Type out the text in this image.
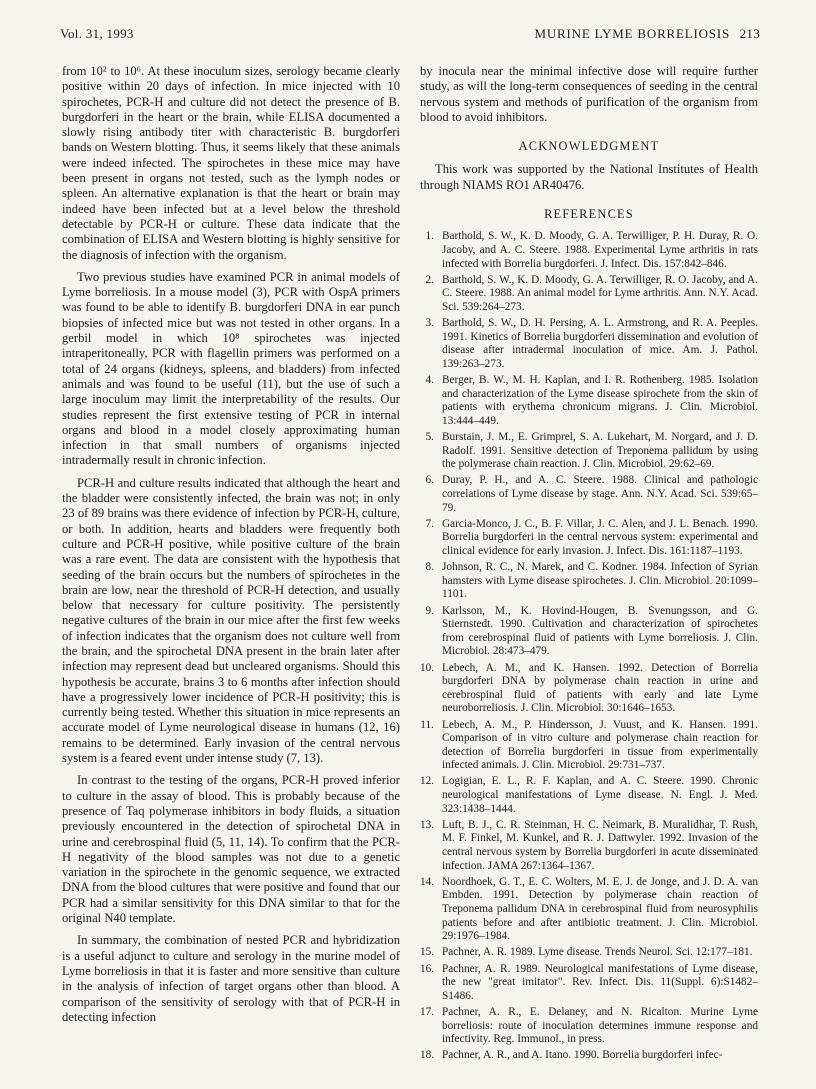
Vol. 31, 1993	MURINE LYME BORRELIOSIS 213

from 10² to 10⁶. At these inoculum sizes, serology became clearly positive within 20 days of infection. In mice injected with 10 spirochetes, PCR-H and culture did not detect the presence of B. burgdorferi in the heart or the brain, while ELISA documented a slowly rising antibody titer with characteristic B. burgdorferi bands on Western blotting. Thus, it seems likely that these animals were indeed infected. The spirochetes in these mice may have been present in organs not tested, such as the lymph nodes or spleen. An alternative explanation is that the heart or brain may indeed have been infected but at a level below the threshold detectable by PCR-H or culture. These data indicate that the combination of ELISA and Western blotting is highly sensitive for the diagnosis of infection with the organism.

Two previous studies have examined PCR in animal models of Lyme borreliosis. In a mouse model (3), PCR with OspA primers was found to be able to identify B. burgdorferi DNA in ear punch biopsies of infected mice but was not tested in other organs. In a gerbil model in which 10⁸ spirochetes was injected intraperitoneally, PCR with flagellin primers was performed on a total of 24 organs (kidneys, spleens, and bladders) from infected animals and was found to be useful (11), but the use of such a large inoculum may limit the interpretability of the results. Our studies represent the first extensive testing of PCR in internal organs and blood in a model closely approximating human infection in that small numbers of organisms injected intradermally result in chronic infection.

PCR-H and culture results indicated that although the heart and the bladder were consistently infected, the brain was not; in only 23 of 89 brains was there evidence of infection by PCR-H, culture, or both. In addition, hearts and bladders were frequently both culture and PCR-H positive, while positive culture of the brain was a rare event. The data are consistent with the hypothesis that seeding of the brain occurs but the numbers of spirochetes in the brain are low, near the threshold of PCR-H detection, and usually below that necessary for culture positivity. The persistently negative cultures of the brain in our mice after the first few weeks of infection indicates that the organism does not culture well from the brain, and the spirochetal DNA present in the brain later after infection may represent dead but uncleared organisms. Should this hypothesis be accurate, brains 3 to 6 months after infection should have a progressively lower incidence of PCR-H positivity; this is currently being tested. Whether this situation in mice represents an accurate model of Lyme neurological disease in humans (12, 16) remains to be determined. Early invasion of the central nervous system is a feared event under intense study (7, 13).

In contrast to the testing of the organs, PCR-H proved inferior to culture in the assay of blood. This is probably because of the presence of Taq polymerase inhibitors in body fluids, a situation previously encountered in the detection of spirochetal DNA in urine and cerebrospinal fluid (5, 11, 14). To confirm that the PCR-H negativity of the blood samples was not due to a genetic variation in the spirochete in the genomic sequence, we extracted DNA from the blood cultures that were positive and found that our PCR had a similar sensitivity for this DNA similar to that for the original N40 template.

In summary, the combination of nested PCR and hybridization is a useful adjunct to culture and serology in the murine model of Lyme borreliosis in that it is faster and more sensitive than culture in the analysis of infection of target organs other than blood. A comparison of the sensitivity of serology with that of PCR-H in detecting infection

by inocula near the minimal infective dose will require further study, as will the long-term consequences of seeding in the central nervous system and methods of purification of the organism from blood to avoid inhibitors.

ACKNOWLEDGMENT

This work was supported by the National Institutes of Health through NIAMS RO1 AR40476.

REFERENCES
1. Barthold, S. W., K. D. Moody, G. A. Terwilliger, P. H. Duray, R. O. Jacoby, and A. C. Steere. 1988. Experimental Lyme arthritis in rats infected with Borrelia burgdorferi. J. Infect. Dis. 157:842–846.
2. Barthold, S. W., K. D. Moody, G. A. Terwilliger, R. O. Jacoby, and A. C. Steere. 1988. An animal model for Lyme arthritis. Ann. N.Y. Acad. Sci. 539:264–273.
3. Barthold, S. W., D. H. Persing, A. L. Armstrong, and R. A. Peeples. 1991. Kinetics of Borrelia burgdorferi dissemination and evolution of disease after intradermal inoculation of mice. Am. J. Pathol. 139:263–273.
4. Berger, B. W., M. H. Kaplan, and I. R. Rothenberg. 1985. Isolation and characterization of the Lyme disease spirochete from the skin of patients with erythema chronicum migrans. J. Clin. Microbiol. 13:444–449.
5. Burstain, J. M., E. Grimprel, S. A. Lukehart, M. Norgard, and J. D. Radolf. 1991. Sensitive detection of Treponema pallidum by using the polymerase chain reaction. J. Clin. Microbiol. 29:62–69.
6. Duray, P. H., and A. C. Steere. 1988. Clinical and pathologic correlations of Lyme disease by stage. Ann. N.Y. Acad. Sci. 539:65–79.
7. Garcia-Monco, J. C., B. F. Villar, J. C. Alen, and J. L. Benach. 1990. Borrelia burgdorferi in the central nervous system: experimental and clinical evidence for early invasion. J. Infect. Dis. 161:1187–1193.
8. Johnson, R. C., N. Marek, and C. Kodner. 1984. Infection of Syrian hamsters with Lyme disease spirochetes. J. Clin. Microbiol. 20:1099–1101.
9. Karlsson, M., K. Hovind-Hougen, B. Svenungsson, and G. Stiernstedt. 1990. Cultivation and characterization of spirochetes from cerebrospinal fluid of patients with Lyme borreliosis. J. Clin. Microbiol. 28:473–479.
10. Lebech, A. M., and K. Hansen. 1992. Detection of Borrelia burgdorferi DNA by polymerase chain reaction in urine and cerebrospinal fluid of patients with early and late Lyme neuroborreliosis. J. Clin. Microbiol. 30:1646–1653.
11. Lebech, A. M., P. Hindersson, J. Vuust, and K. Hansen. 1991. Comparison of in vitro culture and polymerase chain reaction for detection of Borrelia burgdorferi in tissue from experimentally infected animals. J. Clin. Microbiol. 29:731–737.
12. Logigian, E. L., R. F. Kaplan, and A. C. Steere. 1990. Chronic neurological manifestations of Lyme disease. N. Engl. J. Med. 323:1438–1444.
13. Luft, B. J., C. R. Steinman, H. C. Neimark, B. Muralidhar, T. Rush, M. F. Finkel, M. Kunkel, and R. J. Dattwyler. 1992. Invasion of the central nervous system by Borrelia burgdorferi in acute disseminated infection. JAMA 267:1364–1367.
14. Noordhoek, G. T., E. C. Wolters, M. E. J. de Jonge, and J. D. A. van Embden. 1991. Detection by polymerase chain reaction of Treponema pallidum DNA in cerebrospinal fluid from neurosyphilis patients before and after antibiotic treatment. J. Clin. Microbiol. 29:1976–1984.
15. Pachner, A. R. 1989. Lyme disease. Trends Neurol. Sci. 12:177–181.
16. Pachner, A. R. 1989. Neurological manifestations of Lyme disease, the new "great imitator". Rev. Infect. Dis. 11(Suppl. 6):S1482–S1486.
17. Pachner, A. R., E. Delaney, and N. Ricalton. Murine Lyme borreliosis: route of inoculation determines immune response and infectivity. Reg. Immunol., in press.
18. Pachner, A. R., and A. Itano. 1990. Borrelia burgdorferi infec-
